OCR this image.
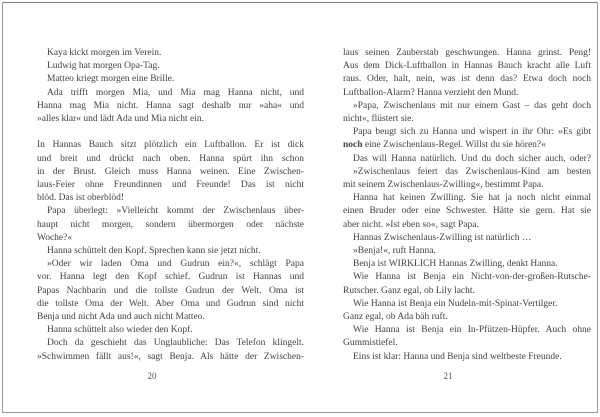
Kaya kickt morgen im Verein.
Ludwig hat morgen Opa-Tag.
Matteo kriegt morgen eine Brille.
Ada trifft morgen Mia, und Mia mag Hanna nicht, und
Hanna mag Mia nicht. Hanna sagt deshalb nur »aha« und
»alles klar« und lädt Ada und Mia nicht ein.
In Hannas Bauch sitzt plötzlich ein Luftballon. Er ist dick
und breit und drückt nach oben. Hanna spürt ihn schon
in der Brust. Gleich muss Hanna weinen. Eine Zwischen-
laus-Feier ohne Freundinnen und Freunde! Das ist nicht
blöd. Das ist oberblöd!
Papa überlegt: »Vielleicht kommt der Zwischenlaus über-
haupt nicht morgen, sondern übermorgen oder nächste
Woche?«
Hanna schüttelt den Kopf. Sprechen kann sie jetzt nicht.
»Oder wir laden Oma und Gudrun ein?«, schlägt Papa
vor. Hanna legt den Kopf schief. Gudrun ist Hannas und
Papas Nachbarin und die tollste Gudrun der Welt. Oma ist
die tollste Oma der Welt. Aber Oma und Gudrun sind nicht
Benja und nicht Ada und auch nicht Matteo.
Hanna schüttelt also wieder den Kopf.
Doch da geschieht das Unglaubliche: Das Telefon klingelt.
»Schwimmen fällt aus!«, sagt Benja. Als hätte der Zwischen-
laus seinen Zauberstab geschwungen. Hanna grinst. Peng!
Aus dem Dick-Luftballon in Hannas Bauch kracht alle Luft
raus. Oder, halt, nein, was ist denn das? Etwa doch noch
Luftballon-Alarm? Hanna verzieht den Mund.
»Papa, Zwischenlaus mit nur einem Gast – das geht doch
nicht«, flüstert sie.
Papa beugt sich zu Hanna und wispert in ihr Ohr: »Es gibt
noch eine Zwischenlaus-Regel. Willst du sie hören?«
Das will Hanna natürlich. Und du doch sicher auch, oder?
»Zwischenlaus feiert das Zwischenlaus-Kind am besten
mit seinem Zwischenlaus-Zwilling«, bestimmt Papa.
Hanna hat keinen Zwilling. Sie hat ja noch nicht einmal
einen Bruder oder eine Schwester. Hätte sie gern. Hat sie
aber nicht. »Ist eben so«, sagt Papa.
Hannas Zwischenlaus-Zwilling ist natürlich …
»Benja!«, ruft Hanna.
Benja ist WIRKLICH Hannas Zwilling, denkt Hanna.
Wie Hanna ist Benja ein Nicht-von-der-großen-Rutsche-
Rutscher. Ganz egal, ob Lily lacht.
Wie Hanna ist Benja ein Nudeln-mit-Spinat-Vertilger.
Ganz egal, ob Ada bäh ruft.
Wie Hanna ist Benja ein In-Pfützen-Hüpfer. Auch ohne
Gummistiefel.
Eins ist klar: Hanna und Benja sind weltbeste Freunde.
20	21
